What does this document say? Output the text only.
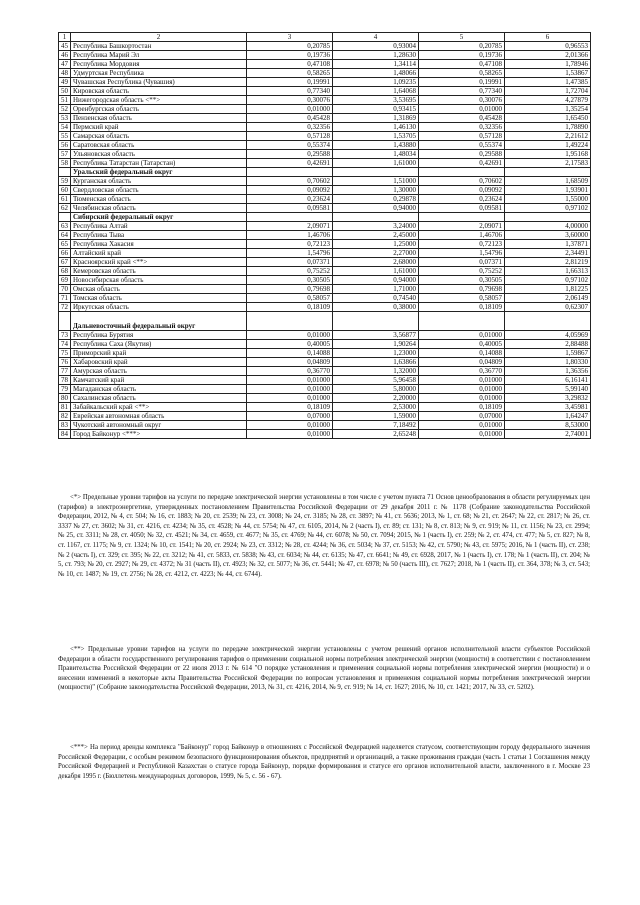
1	2	3	4	5	6
45	Республика Башкортостан	0,20785	0,93004	0,20785	0,96553
46	Республика Марий Эл	0,19736	1,28630	0,19736	2,01366
47	Республика Мордовия	0,47108	1,34114	0,47108	1,78946
48	Удмуртская Республика	0,58265	1,48066	0,58265	1,53867
49	Чувашская Республика (Чувашия)	0,19991	1,09235	0,19991	1,47385
50	Кировская область	0,77340	1,64068	0,77340	1,72704
51	Нижегородская область <**>	0,30076	3,53695	0,30076	4,27879
52	Оренбургская область	0,01000	0,93415	0,01000	1,35254
53	Пензенская область	0,45428	1,31869	0,45428	1,65450
54	Пермский край	0,32356	1,46130	0,32356	1,78890
55	Самарская область	0,57128	1,53705	0,57128	2,21612
56	Саратовская область	0,55374	1,43880	0,55374	1,49224
57	Ульяновская область	0,29588	1,48034	0,29588	1,95168
58	Республика Татарстан (Татарстан)	0,42691	1,61000	0,42691	2,17583
	Уральский федеральный округ				
59	Курганская область	0,70602	1,51000	0,70602	1,68509
60	Свердловская область	0,09092	1,30000	0,09092	1,93901
61	Тюменская область	0,23624	0,29878	0,23624	1,55000
62	Челябинская область	0,09581	0,94000	0,09581	0,97102
	Сибирский федеральный округ				
63	Республика Алтай	2,09071	3,24000	2,09071	4,00000
64	Республика Тыва	1,46706	2,45000	1,46706	3,60000
65	Республика Хакасия	0,72123	1,25000	0,72123	1,37871
66	Алтайский край	1,54796	2,27000	1,54796	2,34491
67	Красноярский край <**>	0,07371	2,68000	0,07371	2,81219
68	Кемеровская область	0,75252	1,61000	0,75252	1,66313
69	Новосибирская область	0,30505	0,94000	0,30505	0,97102
70	Омская область	0,79698	1,71000	0,79698	1,81225
71	Томская область	0,58057	0,74540	0,58057	2,06149
72	Иркутская область	0,18109	0,38000	0,18109	0,62307
	Дальневосточный федеральный округ				
73	Республика Бурятия	0,01000	3,56877	0,01000	4,05969
74	Республика Саха (Якутия)	0,40005	1,90264	0,40005	2,88488
75	Приморский край	0,14088	1,23000	0,14088	1,59867
76	Хабаровский край	0,04809	1,63866	0,04809	1,80330
77	Амурская область	0,36770	1,32000	0,36770	1,36356
78	Камчатский край	0,01000	5,96458	0,01000	6,16141
79	Магаданская область	0,01000	5,80000	0,01000	5,99140
80	Сахалинская область	0,01000	2,20000	0,01000	3,29832
81	Забайкальский край <**>	0,18109	2,53000	0,18109	3,45981
82	Еврейская автономная область	0,07000	1,59000	0,07000	1,64247
83	Чукотский автономный округ	0,01000	7,18492	0,01000	8,53000
84	Город Байконур <***>	0,01000	2,65248	0,01000	2,74001

<*> Предельные уровни тарифов на услуги по передаче электрической энергии установлены в том числе с учетом пункта 71 Основ ценообразования в области регулируемых цен (тарифов) в электроэнергетике, утвержденных постановлением Правительства Российской Федерации от 29 декабря 2011 г. № 1178 (Собрание законодательства Российской Федерации, 2012, № 4, ст. 504; № 16, ст. 1883; № 20, ст. 2539; № 23, ст. 3008; № 24, ст. 3185; № 28, ст. 3897; № 41, ст. 5636; 2013, № 1, ст. 68; № 21, ст. 2647; № 22, ст. 2817; № 26, ст. 3337 № 27, ст. 3602; № 31, ст. 4216, ст. 4234; № 35, ст. 4528; № 44, ст. 5754; № 47, ст. 6105, 2014, № 2 (часть I), ст. 89; ст. 131; № 8, ст. 813; № 9, ст. 919; № 11, ст. 1156; № 23, ст. 2994; № 25, ст. 3311; № 28, ст. 4050; № 32, ст. 4521; № 34, ст. 4659, ст. 4677; № 35, ст. 4769; № 44, ст. 6078; № 50, ст. 7094; 2015, № 1 (часть I), ст. 259; № 2, ст. 474, ст. 477; № 5, ст. 827; № 8, ст. 1167, ст. 1175; № 9, ст. 1324; № 10, ст. 1541; № 20, ст. 2924; № 23, ст. 3312; № 28, ст. 4244; № 36, ст. 5034; № 37, ст. 5153; № 42, ст. 5790; № 43, ст. 5975; 2016, № 1 (часть II), ст. 238; № 2 (часть I), ст. 329; ст. 395; № 22, ст. 3212; № 41, ст. 5833, ст. 5838; № 43, ст. 6034; № 44, ст. 6135; № 47, ст. 6641; № 49, ст. 6928, 2017, № 1 (часть I), ст. 178; № 1 (часть II), ст. 204; № 5, ст. 793; № 20, ст. 2927; № 29, ст. 4372; № 31 (часть II), ст. 4923; № 32, ст. 5077; № 36, ст. 5441; № 47, ст. 6978; № 50 (часть III), ст. 7627; 2018, № 1 (часть II), ст. 364, 378; № 3, ст. 543; № 10, ст. 1487; № 19, ст. 2756; № 28, ст. 4212, ст. 4223; № 44, ст. 6744).

<**> Предельные уровни тарифов на услуги по передаче электрической энергии установлены с учетом решений органов исполнительной власти субъектов Российской Федерации в области государственного регулирования тарифов о применении социальной нормы потребления электрической энергии (мощности) в соответствии с постановлением Правительства Российской Федерации от 22 июля 2013 г. № 614 "О порядке установления и применения социальной нормы потребления электрической энергии (мощности) и о внесении изменений в некоторые акты Правительства Российской Федерации по вопросам установления и применения социальной нормы потребления электрической энергии (мощности)" (Собрание законодательства Российской Федерации, 2013, № 31, ст. 4216, 2014, № 9, ст. 919; № 14, ст. 1627; 2016, № 10, ст. 1421; 2017, № 33, ст. 5202).

<***> На период аренды комплекса "Байконур" город Байконур в отношениях с Российской Федерацией наделяется статусом, соответствующим городу федерального значения Российской Федерации, с особым режимом безопасного функционирования объектов, предприятий и организаций, а также проживания граждан (часть 1 статьи 1 Соглашения между Российской Федерацией и Республикой Казахстан о статусе города Байконур, порядке формирования и статусе его органов исполнительной власти, заключенного в г. Москве 23 декабря 1995 г. (Бюллетень международных договоров, 1999, № 5, с. 56 - 67).
